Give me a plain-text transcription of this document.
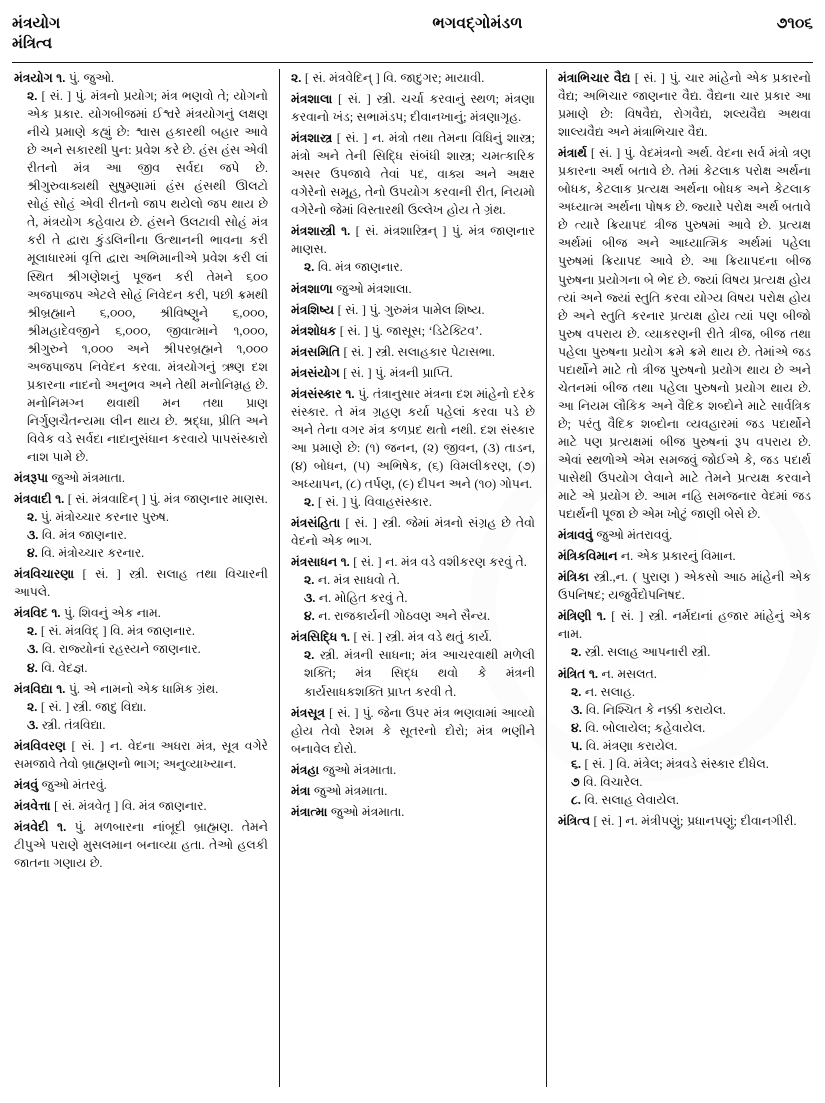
મંત્રયોગ
મંત્રિત્વ
ભગવદ્ગોમંડળ	૭૧૦૬

મંત્રયોગ ૧. પું. જુઓ.

૨. [ સં. ] પું. મંત્રનો પ્રયોગ; મંત્ર ભણવો તે; યોગનો એક પ્રકાર. યોગબીજમાં ઈશ્વરે મંત્રયોગનું લક્ષણ નીચે પ્રમાણે કહ્યું છે: શ્વાસ હકારથી બહાર આવે છે અને સકારથી પુન: પ્રવેશ કરે છે. હંસ હંસ એવી રીતનો મંત્ર આ જીવ સર્વદા જપે છે. શ્રીગુરુવાક્યથી સુષુમ્ણામાં હંસ હંસથી ઊલટો સોહં સોહં એવી રીતનો જાપ થયેલો જપ થાય છે તે, મંત્રયોગ કહેવાય છે. હંસને ઉલટાવી સોહં મંત્ર કરી તે દ્વારા કુંડલિનીના ઉત્થાનની ભાવના કરી મૂલાધારમાં વૃત્તિ દ્વારા અભિમાનીએ પ્રવેશ કરી લાં સ્થિત શ્રીગણેશનું પૂજન કરી તેમને ૬૦૦ અજપાજપ એટલે સોહં નિવેદન કરી, પછી ક્રમથી શ્રીબ્રહ્માને ૬,૦૦૦, શ્રીવિષ્ણુને ૬,૦૦૦, શ્રીમહાદેવજીને ૬,૦૦૦, જીવાત્માને ૧,૦૦૦, શ્રીગુરુને ૧,૦૦૦ અને શ્રીપરબ્રહ્મને ૧,૦૦૦ અજપાજપ નિવેદન કરવા. મંત્રયોગનું ઋણ દશ પ્રકારના નાદનો અનુભવ અને તેથી મનોનિમ્રહ છે. મનોનિમગ્ન થવાથી મન તથા પ્રાણ નિર્ગુણચૈતન્યમા લીન થાય છે. શ્રદ્ધા, પ્રીતિ અને વિવેક વડે સર્વદા નાદાનુસંધાન કરવાયે પાપસંસ્કારો નાશ પામે છે.

મંત્રરૂપા જુઓ મંત્રમાતા.

મંત્રવાદી ૧. [ સં. મંત્રવાદિન્ ] પું. મંત્ર જાણનાર માણસ.

૨. પું. મંત્રોચ્ચાર કરનાર પુરુષ.

૩. વિ. મંત્ર જાણનાર.

૪. વિ. મંત્રોચ્ચાર કરનાર.

મંત્રવિચારણા [ સં. ] સ્ત્રી. સલાહ તથા વિચારની આપલે.

મંત્રવિદ ૧. પું. શિવનું એક નામ.

૨. [ સં. મંત્રવિદ્ ] વિ. મંત્ર જાણનાર.

૩. વિ. રાજ્યોનાં રહસ્યને જાણનાર.

૪. વિ. વેદજ્ઞ.

મંત્રવિદ્યા ૧. પું. એ નામનો એક ધામિક ગ્રંથ.

૨. [ સં. ] સ્ત્રી. જાદુ વિદ્યા.

૩. સ્ત્રી. તંત્રવિદ્યા.

મંત્રવિવરણ [ સં. ] ન. વેદના અધરા મંત્ર, સૂત્ર વગેરે સમજાવે તેવો બ્રાહ્મણનો ભાગ; અનુવ્યાખ્યાન.

મંત્રવું જુઓ મંતરવું.

મંત્રવેત્તા [ સં. મંત્રવેતૃ ] વિ. મંત્ર જાણનાર.

મંત્રવેદી ૧. પું. મળબારના નાંબૂદી બ્રાહ્મણ. તેમને ટીપુએ પરાણે મુસલમાન બનાવ્યા હતા. તેઓ હલકી જાતના ગણાય છે.

૨. [ સં. મંત્રવેદિન્ ] વિ. જાદુગર; માયાવી.

મંત્રશાલા [ સં. ] સ્ત્રી. ચર્ચા કરવાનું સ્થળ; મંત્રણા કરવાનો ખંડ; સભામંડપ; દીવાનખાનું; મંત્રણાગૃહ.

મંત્રશાસ્ત્ર [ સં. ] ન. મંત્રો તથા તેમના વિધિનું શાસ્ત્ર; મંત્રો અને તેની સિદ્ધિ સંબંધી શાસ્ત્ર; ચમત્કારિક અસર ઉપજાવે તેવાં પદ, વાક્ય અને અક્ષર વગેરેનો સમૂહ, તેનો ઉપયોગ કરવાની રીત, નિયમો વગેરેનો જેમાં વિસ્તારથી ઉલ્લેખ હોય તે ગ્રંથ.

મંત્રશાસ્ત્રી ૧. [ સં. મંત્રશાસ્ત્રિન્ ] પું. મંત્ર જાણનાર માણસ.

૨. વિ. મંત્ર જાણનાર.

મંત્રશાળા જુઓ મંત્રશાલા.

મંત્રશિષ્ય [ સં. ] પું. ગુરુમંત્ર પામેલ શિષ્ય.

મંત્રશોધક [ સં. ] પું. જાસૂસ; ‘ડિટેક્ટિવ’.

મંત્રસમિતિ [ સં. ] સ્ત્રી. સલાહકાર પેટાસભા.

મંત્રસંયોગ [ સં. ] પું. મંત્રની પ્રાપ્તિ.

મંત્રસંસ્કાર ૧. પું. તંત્રાનુસાર મંત્રના દશ માંહેનો દરેક સંસ્કાર. તે મંત્ર ગ્રહણ કર્યા પહેલાં કરવા પડે છે અને તેના વગર મંત્ર કળપ્રદ થતો નથી. દશ સંસ્કાર આ પ્રમાણે છે: (૧) જનન, (૨) જીવન, (૩) તાડન, (૪) બોધન, (૫) અભિષેક, (૬) વિમલીકરણ, (૭) અધ્યાપન, (૮) તર્પણ, (૯) દીપન અને (૧૦) ગોપન.

૨. [ સં. ] પું. વિવાહસંસ્કાર.

મંત્રસંહિતા [ સં. ] સ્ત્રી. જેમાં મંત્રનો સંગ્રહ છે તેવો વેદનો એક ભાગ.

મંત્રસાધન ૧. [ સં. ] ન. મંત્ર વડે વશીકરણ કરવું તે.

૨. ન. મંત્ર સાધવો તે.

૩. ન. મોહિત કરવું તે.

૪. ન. રાજકાર્યની ગોઠવણ અને સૈન્ય.

મંત્રસિદ્ધિ ૧. [ સં. ] સ્ત્રી. મંત્ર વડે થતું કાર્ય.

૨. સ્ત્રી. મંત્રની સાધના; મંત્ર આચરવાથી મળેલી શક્તિ; મંત્ર સિદ્ધ થવો કે મંત્રની કાર્યસાધકશક્તિ પ્રાપ્ત કરવી તે.

મંત્રસૂત્ર [ સં. ] પું. જેના ઉપર મંત્ર ભણવામાં આવ્યો હોય તેવો રેશમ કે સૂતરનો દોરો; મંત્ર ભણીને બનાવેલ દોરો.

મંત્રહા જુઓ મંત્રમાતા.

મંત્રા જુઓ મંત્રમાતા.

મંત્રાત્મા જુઓ મંત્રમાતા.

મંત્રાભિચાર વૈદ્ય [ સં. ] પું. ચાર માંહેનો એક પ્રકારનો વૈદ્ય; અભિચાર જાણનાર વૈદ્ય. વૈદ્યના ચાર પ્રકાર આ પ્રમાણે છે: વિષવૈદ્ય, રોગવૈદ્ય, શલ્યવૈદ્ય અથવા શાલ્યવૈદ્ય અને મંત્રાભિચાર વૈદ્ય.

મંત્રાર્થ [ સં. ] પું. વેદમંત્રનો અર્થ. વેદના સર્વ મંત્રો ત્રણ પ્રકારના અર્થ બતાવે છે. તેમાં કેટલાક પરોક્ષ અર્થના બોધક, કેટલાક પ્રત્યક્ષ અર્થના બોધક અને કેટલાક અધ્યાત્મ અર્થના પોષક છે. જ્યારે પરોક્ષ અર્થ બતાવે છે ત્યારે ક્રિયાપદ ત્રીજ પુરુષમાં આવે છે. પ્રત્યક્ષ અર્થમાં બીજ અને આધ્યાત્મિક અર્થમાં પહેલા પુરુષમાં ક્રિયાપદ આવે છે. આ ક્રિયાપદના બીજ પુરુષના પ્રયોગના બે ભેદ છે. જ્યાં વિષય પ્રત્યક્ષ હોય ત્યાં અને જ્યાં સ્તુતિ કરવા યોગ્ય વિષય પરોક્ષ હોય છે અને સ્તુતિ કરનાર પ્રત્યક્ષ હોય ત્યાં પણ બીજો પુરુષ વપરાય છે. વ્યાકરણની રીતે ત્રીજ, બીજ તથા પહેલા પુરુષના પ્રયોગ ક્રમે ક્રમે થાય છે. તેમાંએ જડ પદાર્થોને માટે તો ત્રીજ પુરુષનો પ્રયોગ થાય છે અને ચેતનમાં બીજ તથા પહેલા પુરુષનો પ્રયોગ થાય છે. આ નિયમ લૌકિક અને વૈદિક શબ્દોને માટે સાર્વત્રિક છે; પરંતુ વૈદિક શબ્દોના વ્યવહારમાં જડ પદાર્થોને માટે પણ પ્રત્યક્ષમાં બીજ પુરુષનાં રૂપ વપરાય છે. એવાં સ્થળોએ એમ સમજવું જોઈએ કે, જડ પદાર્થ પાસેથી ઉપયોગ લેવાને માટે તેમને પ્રત્યક્ષ કરવાને માટે એ પ્રયોગ છે. આમ નહિ સમજનાર વેદમાં જડ પદાર્થની પૂજા છે એમ ખોટું જાણી બેસે છે.

મંત્રાવવું જુઓ મંતરાવવું.

મંત્રિકવિમાન ન. એક પ્રકારનું વિમાન.

મંત્રિકા સ્ત્રી.,ન. ( પુરાણ ) એકસો આઠ માંહેની એક ઉપનિષદ; યજુર્વેદોપનિષદ.

મંત્રિણી ૧. [ સં. ] સ્ત્રી. નર્મદાનાં હજાર માંહેનું એક નામ.

૨. સ્ત્રી. સલાહ આપનારી સ્ત્રી.

મંત્રિત ૧. ન. મસલત.

૨. ન. સલાહ.

૩. વિ. નિશ્ચિત કે નક્કી કરાયેલ.

૪. વિ. બોલાયેલ; કહેવાયેલ.

૫. વિ. મંત્રણા કરાયેલ.

૬. [ સં. ] વિ. મંત્રેલ; મંત્રવડે સંસ્કાર દીધેલ.

૭ વિ. વિચારેલ.

૮. વિ. સલાહ લેવાયેલ.

મંત્રિત્વ [ સં. ] ન. મંત્રીપણું; પ્રધાનપણું; દીવાનગીરી.
